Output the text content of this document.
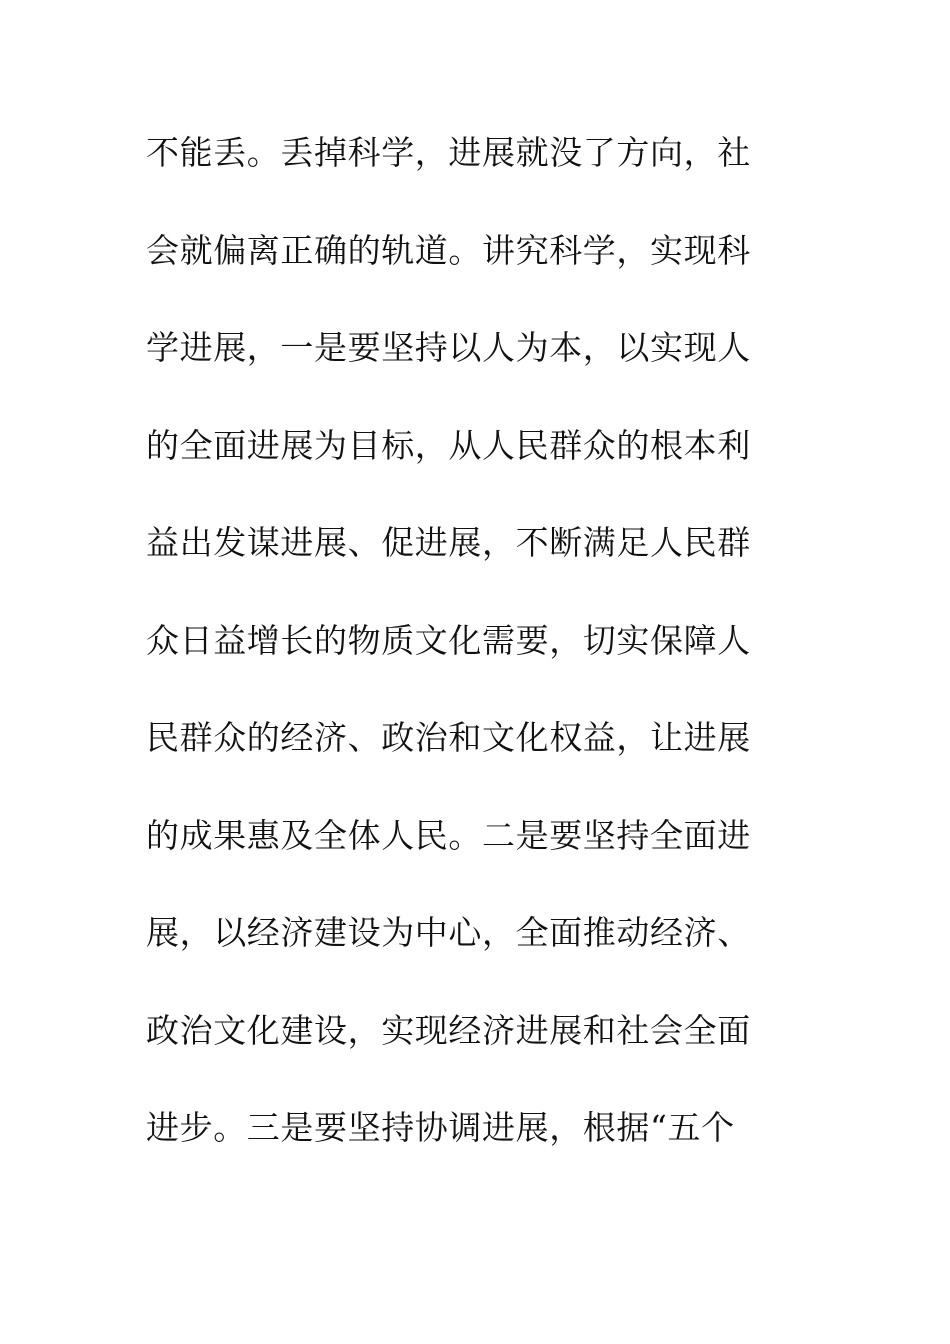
不能丢。丢掉科学，进展就没了方向，社
会就偏离正确的轨道。讲究科学，实现科
学进展，一是要坚持以人为本，以实现人
的全面进展为目标，从人民群众的根本利
益出发谋进展、促进展，不断满足人民群
众日益增长的物质文化需要，切实保障人
民群众的经济、政治和文化权益，让进展
的成果惠及全体人民。二是要坚持全面进
展，以经济建设为中心，全面推动经济、
政治文化建设，实现经济进展和社会全面
进步。三是要坚持协调进展，根据“五个
